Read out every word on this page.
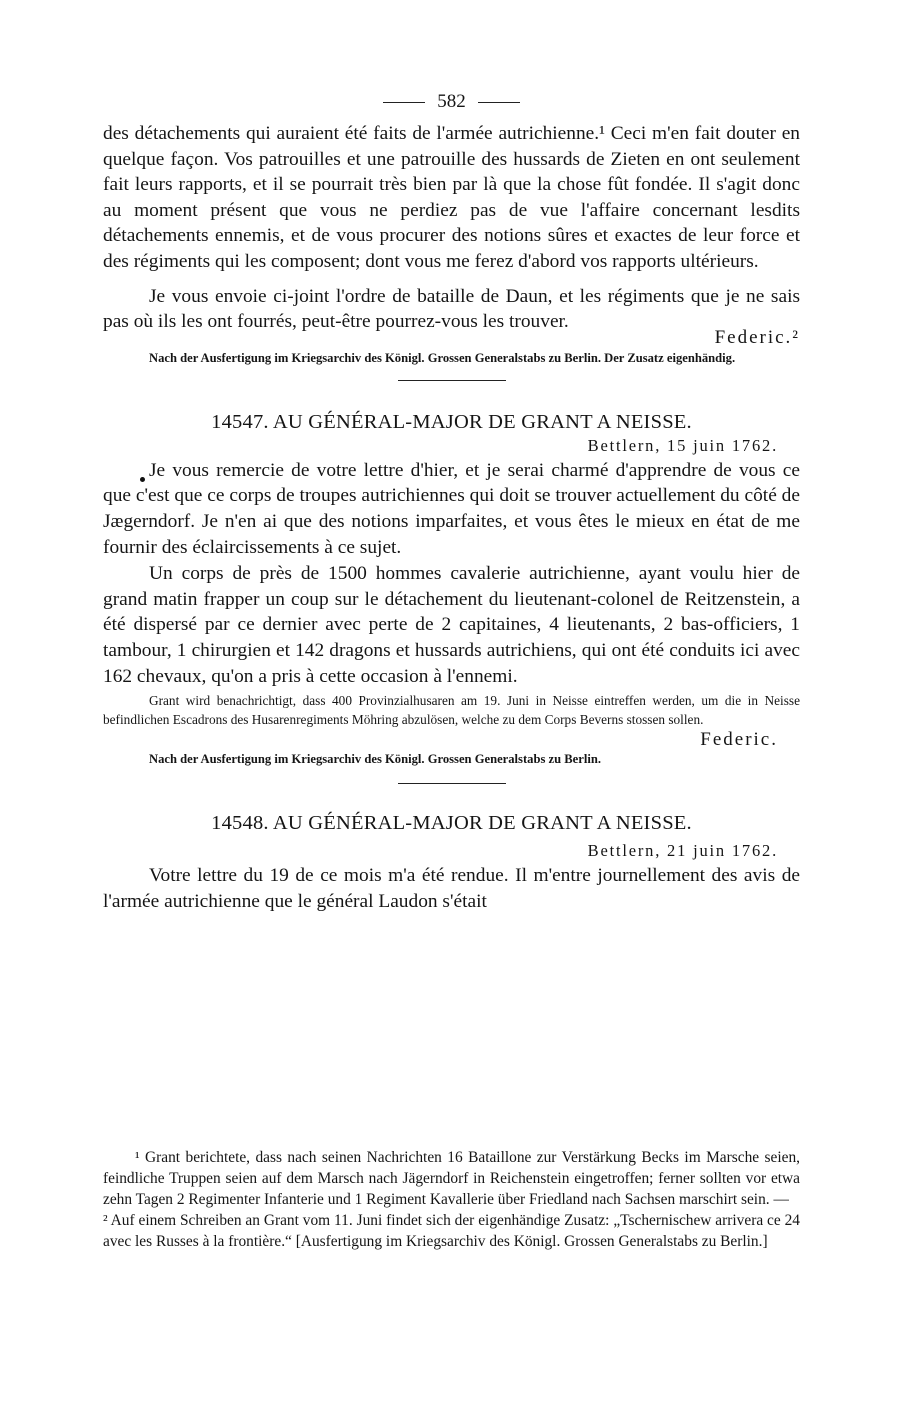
582

des détachements qui auraient été faits de l'armée autrichienne.¹ Ceci m'en fait douter en quelque façon. Vos patrouilles et une patrouille des hussards de Zieten en ont seulement fait leurs rapports, et il se pourrait très bien par là que la chose fût fondée. Il s'agit donc au moment présent que vous ne perdiez pas de vue l'affaire concernant lesdits détachements ennemis, et de vous procurer des notions sûres et exactes de leur force et des régiments qui les composent; dont vous me ferez d'abord vos rapports ultérieurs.

Je vous envoie ci-joint l'ordre de bataille de Daun, et les régiments que je ne sais pas où ils les ont fourrés, peut-être pourrez-vous les trouver.

Federic.²

Nach der Ausfertigung im Kriegsarchiv des Königl. Grossen Generalstabs zu Berlin. Der Zusatz eigenhändig.

14547. AU GÉNÉRAL-MAJOR DE GRANT A NEISSE.

Bettlern, 15 juin 1762.

Je vous remercie de votre lettre d'hier, et je serai charmé d'apprendre de vous ce que c'est que ce corps de troupes autrichiennes qui doit se trouver actuellement du côté de Jægerndorf. Je n'en ai que des notions imparfaites, et vous êtes le mieux en état de me fournir des éclaircissements à ce sujet.

Un corps de près de 1500 hommes cavalerie autrichienne, ayant voulu hier de grand matin frapper un coup sur le détachement du lieutenant-colonel de Reitzenstein, a été dispersé par ce dernier avec perte de 2 capitaines, 4 lieutenants, 2 bas-officiers, 1 tambour, 1 chirurgien et 142 dragons et hussards autrichiens, qui ont été conduits ici avec 162 chevaux, qu'on a pris à cette occasion à l'ennemi.

Grant wird benachrichtigt, dass 400 Provinzialhusaren am 19. Juni in Neisse eintreffen werden, um die in Neisse befindlichen Escadrons des Husarenregiments Möhring abzulösen, welche zu dem Corps Beverns stossen sollen.

Federic.

Nach der Ausfertigung im Kriegsarchiv des Königl. Grossen Generalstabs zu Berlin.

14548. AU GÉNÉRAL-MAJOR DE GRANT A NEISSE.

Bettlern, 21 juin 1762.

Votre lettre du 19 de ce mois m'a été rendue. Il m'entre journellement des avis de l'armée autrichienne que le général Laudon s'était

¹ Grant berichtete, dass nach seinen Nachrichten 16 Bataillone zur Verstärkung Becks im Marsche seien, feindliche Truppen seien auf dem Marsch nach Jägerndorf in Reichenstein eingetroffen; ferner sollten vor etwa zehn Tagen 2 Regimenter Infanterie und 1 Regiment Kavallerie über Friedland nach Sachsen marschirt sein. —

² Auf einem Schreiben an Grant vom 11. Juni findet sich der eigenhändige Zusatz: „Tschernischew arrivera ce 24 avec les Russes à la frontière.“ [Ausfertigung im Kriegsarchiv des Königl. Grossen Generalstabs zu Berlin.]
